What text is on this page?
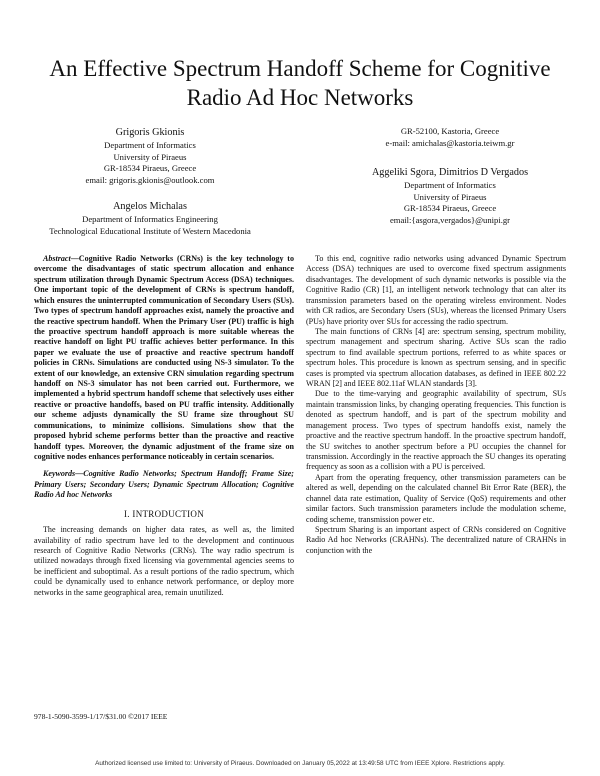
An Effective Spectrum Handoff Scheme for Cognitive Radio Ad Hoc Networks
Grigoris Gkionis
Department of Informatics
University of Piraeus
GR-18534 Piraeus, Greece
email: grigoris.gkionis@outlook.com
GR-52100, Kastoria, Greece
e-mail: amichalas@kastoria.teiwm.gr
Angelos Michalas
Department of Informatics Engineering
Technological Educational Institute of Western Macedonia
Aggeliki Sgora, Dimitrios D Vergados
Department of Informatics
University of Piraeus
GR-18534 Piraeus, Greece
email:{asgora,vergados}@unipi.gr

Abstract—Cognitive Radio Networks (CRNs) is the key technology to overcome the disadvantages of static spectrum allocation and enhance spectrum utilization through Dynamic Spectrum Access (DSA) techniques. One important topic of the development of CRNs is spectrum handoff, which ensures the uninterrupted communication of Secondary Users (SUs). Two types of spectrum handoff approaches exist, namely the proactive and the reactive spectrum handoff. When the Primary User (PU) traffic is high the proactive spectrum handoff approach is more suitable whereas the reactive handoff on light PU traffic achieves better performance. In this paper we evaluate the use of proactive and reactive spectrum handoff policies in CRNs. Simulations are conducted using NS-3 simulator. To the extent of our knowledge, an extensive CRN simulation regarding spectrum handoff on NS-3 simulator has not been carried out. Furthermore, we implemented a hybrid spectrum handoff scheme that selectively uses either reactive or proactive handoffs, based on PU traffic intensity. Additionally our scheme adjusts dynamically the SU frame size throughout SU communications, to minimize collisions. Simulations show that the proposed hybrid scheme performs better than the proactive and reactive handoff types. Moreover, the dynamic adjustment of the frame size on cognitive nodes enhances performance noticeably in certain scenarios.

Keywords—Cognitive Radio Networks; Spectrum Handoff; Frame Size; Primary Users; Secondary Users; Dynamic Spectrum Allocation; Cognitive Radio Ad hoc Networks

I. INTRODUCTION

The increasing demands on higher data rates, as well as, the limited availability of radio spectrum have led to the development and continuous research of Cognitive Radio Networks (CRNs). The way radio spectrum is utilized nowadays through fixed licensing via governmental agencies seems to be inefficient and suboptimal. As a result portions of the radio spectrum, which could be dynamically used to enhance network performance, or deploy more networks in the same geographical area, remain unutilized.

To this end, cognitive radio networks using advanced Dynamic Spectrum Access (DSA) techniques are used to overcome fixed spectrum assignments disadvantages. The development of such dynamic networks is possible via the Cognitive Radio (CR) [1], an intelligent network technology that can alter its transmission parameters based on the operating wireless environment. Nodes with CR radios, are Secondary Users (SUs), whereas the licensed Primary Users (PUs) have priority over SUs for accessing the radio spectrum.

The main functions of CRNs [4] are: spectrum sensing, spectrum mobility, spectrum management and spectrum sharing. Active SUs scan the radio spectrum to find available spectrum portions, referred to as white spaces or spectrum holes. This procedure is known as spectrum sensing, and in specific cases is prompted via spectrum allocation databases, as defined in IEEE 802.22 WRAN [2] and IEEE 802.11af WLAN standards [3].

Due to the time-varying and geographic availability of spectrum, SUs maintain transmission links, by changing operating frequencies. This function is denoted as spectrum handoff, and is part of the spectrum mobility and management process. Two types of spectrum handoffs exist, namely the proactive and the reactive spectrum handoff. In the proactive spectrum handoff, the SU switches to another spectrum before a PU occupies the channel for transmission. Accordingly in the reactive approach the SU changes its operating frequency as soon as a collision with a PU is perceived.

Apart from the operating frequency, other transmission parameters can be altered as well, depending on the calculated channel Bit Error Rate (BER), the channel data rate estimation, Quality of Service (QoS) requirements and other similar factors. Such transmission parameters include the modulation scheme, coding scheme, transmission power etc.

Spectrum Sharing is an important aspect of CRNs considered on Cognitive Radio Ad hoc Networks (CRAHNs). The decentralized nature of CRAHNs in conjunction with the

978-1-5090-3599-1/17/$31.00 ©2017 IEEE
Authorized licensed use limited to: University of Piraeus. Downloaded on January 05,2022 at 13:49:58 UTC from IEEE Xplore. Restrictions apply.
